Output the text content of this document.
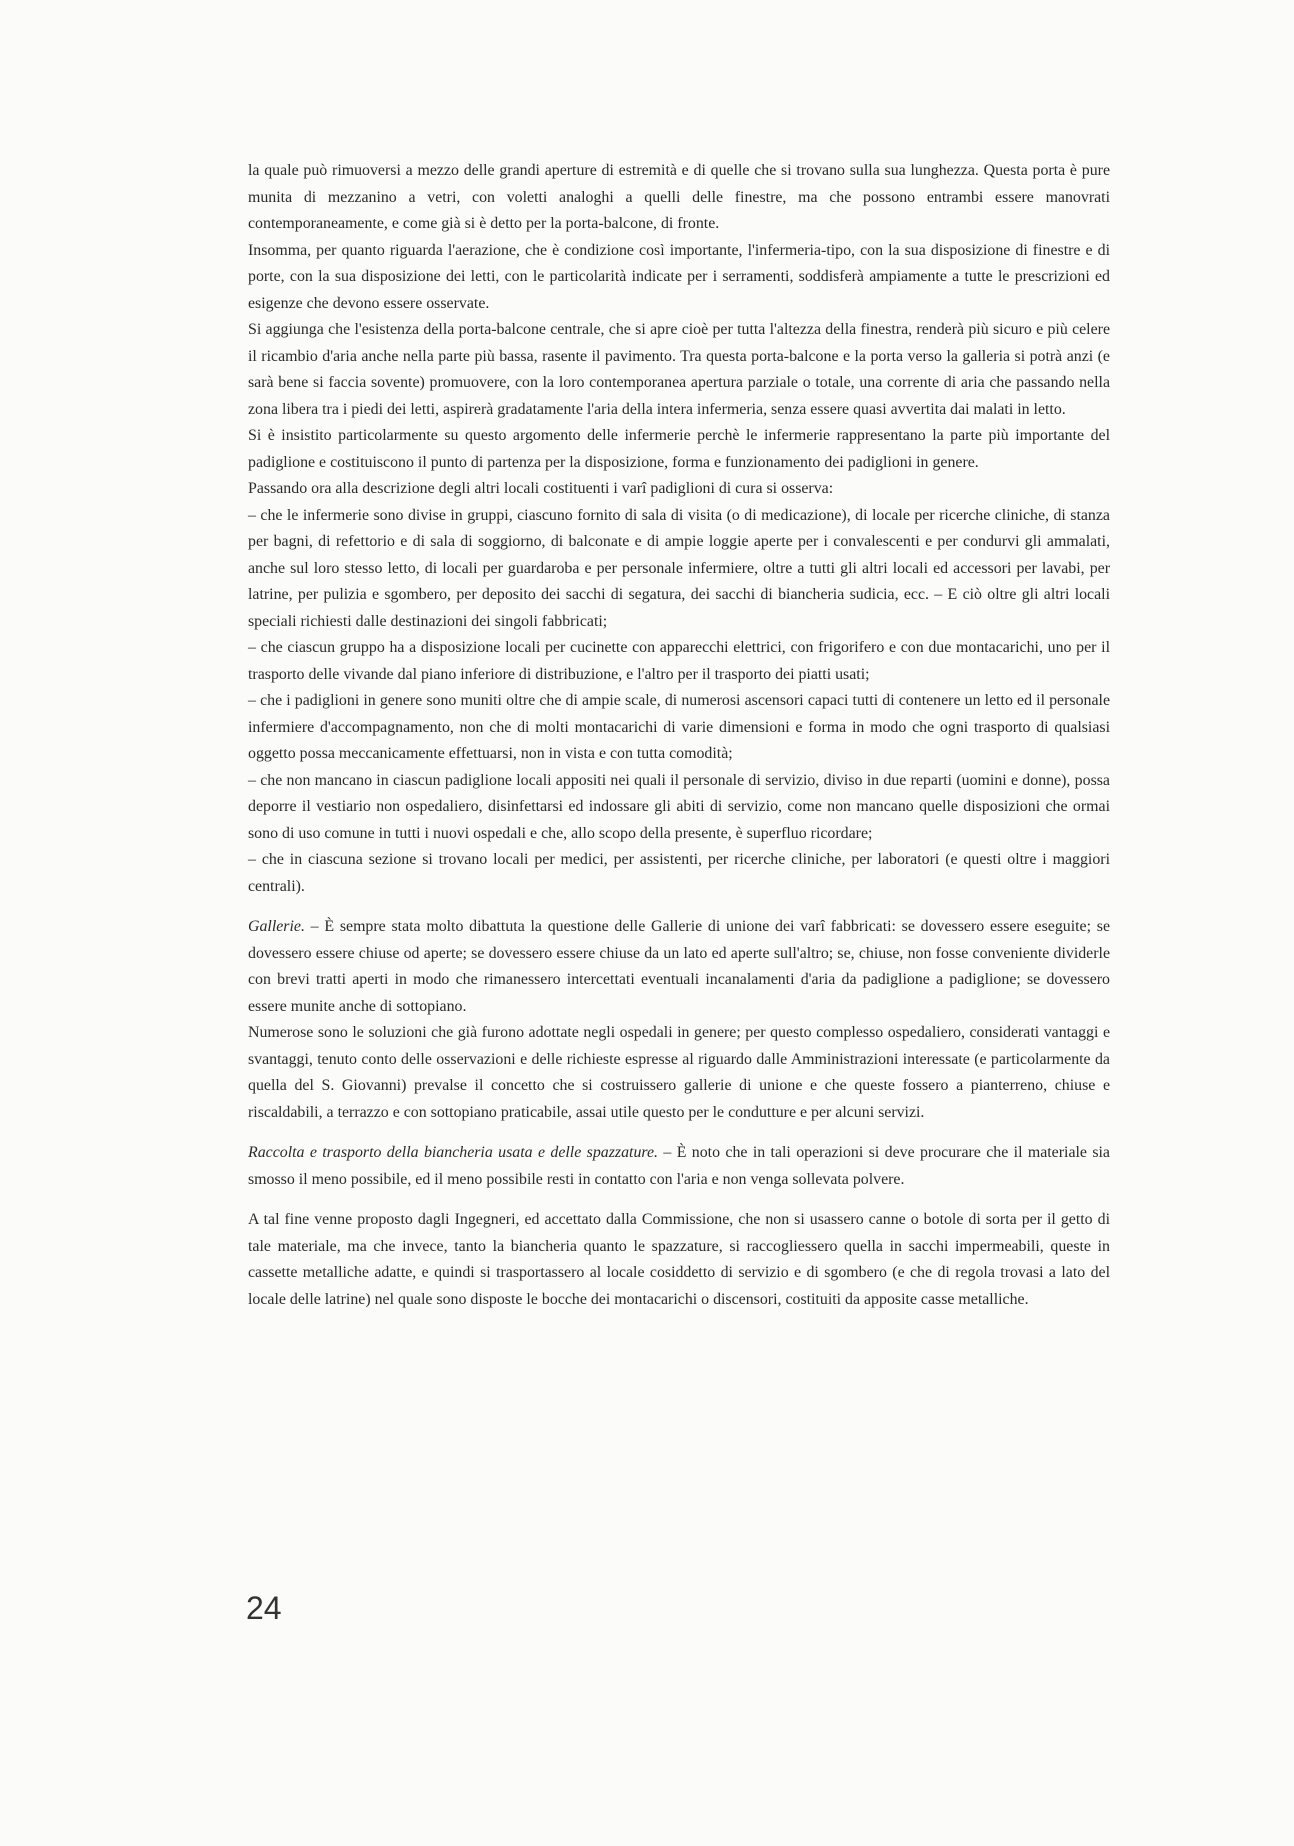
la quale può rimuoversi a mezzo delle grandi aperture di estremità e di quelle che si trovano sulla sua lunghezza. Questa porta è pure munita di mezzanino a vetri, con voletti analoghi a quelli delle finestre, ma che possono entrambi essere manovrati contemporaneamente, e come già si è detto per la porta-balcone, di fronte.

Insomma, per quanto riguarda l'aerazione, che è condizione così importante, l'infermeria-tipo, con la sua disposizione di finestre e di porte, con la sua disposizione dei letti, con le particolarità indicate per i serramenti, soddisferà ampiamente a tutte le prescrizioni ed esigenze che devono essere osservate.

Si aggiunga che l'esistenza della porta-balcone centrale, che si apre cioè per tutta l'altezza della finestra, renderà più sicuro e più celere il ricambio d'aria anche nella parte più bassa, rasente il pavimento. Tra questa porta-balcone e la porta verso la galleria si potrà anzi (e sarà bene si faccia sovente) promuovere, con la loro contemporanea apertura parziale o totale, una corrente di aria che passando nella zona libera tra i piedi dei letti, aspirerà gradatamente l'aria della intera infermeria, senza essere quasi avvertita dai malati in letto.

Si è insistito particolarmente su questo argomento delle infermerie perchè le infermerie rappresentano la parte più importante del padiglione e costituiscono il punto di partenza per la disposizione, forma e funzionamento dei padiglioni in genere.

Passando ora alla descrizione degli altri locali costituenti i varî padiglioni di cura si osserva:

– che le infermerie sono divise in gruppi, ciascuno fornito di sala di visita (o di medicazione), di locale per ricerche cliniche, di stanza per bagni, di refettorio e di sala di soggiorno, di balconate e di ampie loggie aperte per i convalescenti e per condurvi gli ammalati, anche sul loro stesso letto, di locali per guardaroba e per personale infermiere, oltre a tutti gli altri locali ed accessori per lavabi, per latrine, per pulizia e sgombero, per deposito dei sacchi di segatura, dei sacchi di biancheria sudicia, ecc. – E ciò oltre gli altri locali speciali richiesti dalle destinazioni dei singoli fabbricati;

– che ciascun gruppo ha a disposizione locali per cucinette con apparecchi elettrici, con frigorifero e con due montacarichi, uno per il trasporto delle vivande dal piano inferiore di distribuzione, e l'altro per il trasporto dei piatti usati;

– che i padiglioni in genere sono muniti oltre che di ampie scale, di numerosi ascensori capaci tutti di contenere un letto ed il personale infermiere d'accompagnamento, non che di molti montacarichi di varie dimensioni e forma in modo che ogni trasporto di qualsiasi oggetto possa meccanicamente effettuarsi, non in vista e con tutta comodità;

– che non mancano in ciascun padiglione locali appositi nei quali il personale di servizio, diviso in due reparti (uomini e donne), possa deporre il vestiario non ospedaliero, disinfettarsi ed indossare gli abiti di servizio, come non mancano quelle disposizioni che ormai sono di uso comune in tutti i nuovi ospedali e che, allo scopo della presente, è superfluo ricordare;

– che in ciascuna sezione si trovano locali per medici, per assistenti, per ricerche cliniche, per laboratori (e questi oltre i maggiori centrali).

Gallerie. – È sempre stata molto dibattuta la questione delle Gallerie di unione dei varî fabbricati: se dovessero essere eseguite; se dovessero essere chiuse od aperte; se dovessero essere chiuse da un lato ed aperte sull'altro; se, chiuse, non fosse conveniente dividerle con brevi tratti aperti in modo che rimanessero intercettati eventuali incanalamenti d'aria da padiglione a padiglione; se dovessero essere munite anche di sottopiano.

Numerose sono le soluzioni che già furono adottate negli ospedali in genere; per questo complesso ospedaliero, considerati vantaggi e svantaggi, tenuto conto delle osservazioni e delle richieste espresse al riguardo dalle Amministrazioni interessate (e particolarmente da quella del S. Giovanni) prevalse il concetto che si costruissero gallerie di unione e che queste fossero a pianterreno, chiuse e riscaldabili, a terrazzo e con sottopiano praticabile, assai utile questo per le condutture e per alcuni servizi.

Raccolta e trasporto della biancheria usata e delle spazzature. – È noto che in tali operazioni si deve procurare che il materiale sia smosso il meno possibile, ed il meno possibile resti in contatto con l'aria e non venga sollevata polvere.

A tal fine venne proposto dagli Ingegneri, ed accettato dalla Commissione, che non si usassero canne o botole di sorta per il getto di tale materiale, ma che invece, tanto la biancheria quanto le spazzature, si raccogliessero quella in sacchi impermeabili, queste in cassette metalliche adatte, e quindi si trasportassero al locale cosiddetto di servizio e di sgombero (e che di regola trovasi a lato del locale delle latrine) nel quale sono disposte le bocche dei montacarichi o discensori, costituiti da apposite casse metalliche.

24
